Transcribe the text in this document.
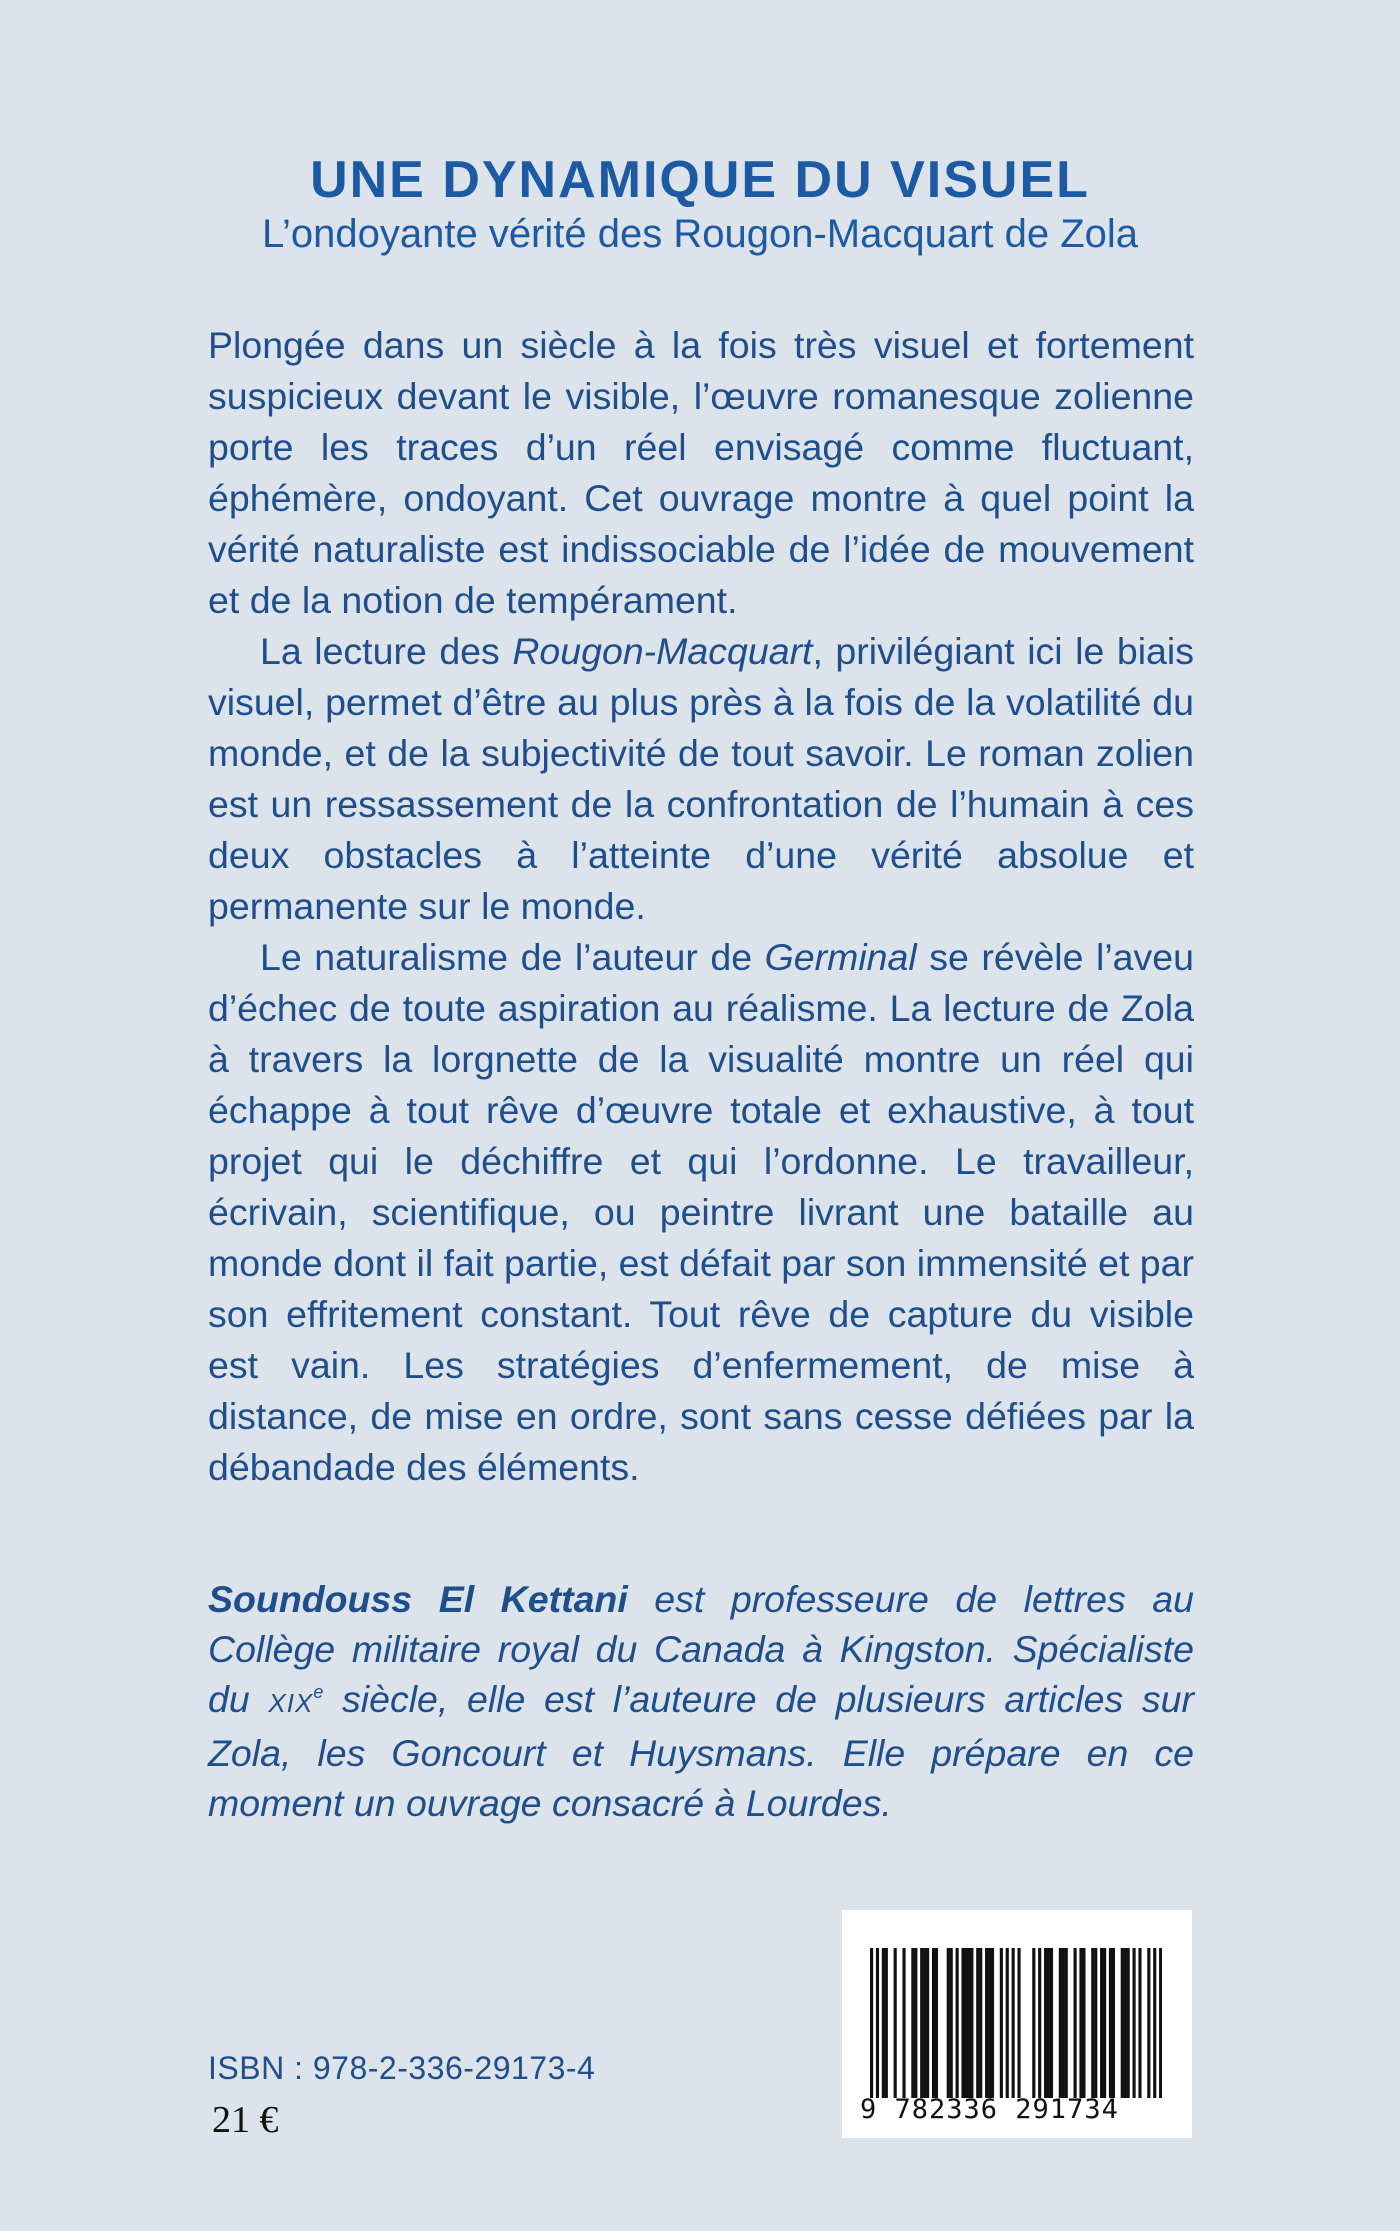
UNE DYNAMIQUE DU VISUEL
L’ondoyante vérité des Rougon-Macquart de Zola

Plongée dans un siècle à la fois très visuel et fortement suspicieux devant le visible, l’œuvre romanesque zolienne porte les traces d’un réel envisagé comme fluctuant, éphémère, ondoyant. Cet ouvrage montre à quel point la vérité naturaliste est indissociable de l’idée de mouvement et de la notion de tempérament.

La lecture des Rougon-Macquart, privilégiant ici le biais visuel, permet d’être au plus près à la fois de la volatilité du monde, et de la subjectivité de tout savoir. Le roman zolien est un ressassement de la confrontation de l’humain à ces deux obstacles à l’atteinte d’une vérité absolue et permanente sur le monde.

Le naturalisme de l’auteur de Germinal se révèle l’aveu d’échec de toute aspiration au réalisme. La lecture de Zola à travers la lorgnette de la visualité montre un réel qui échappe à tout rêve d’œuvre totale et exhaustive, à tout projet qui le déchiffre et qui l’ordonne. Le travailleur, écrivain, scientifique, ou peintre livrant une bataille au monde dont il fait partie, est défait par son immensité et par son effritement constant. Tout rêve de capture du visible est vain. Les stratégies d’enfermement, de mise à distance, de mise en ordre, sont sans cesse défiées par la débandade des éléments.

Soundouss El Kettani est professeure de lettres au Collège militaire royal du Canada à Kingston. Spécialiste du XIXe siècle, elle est l’auteure de plusieurs articles sur Zola, les Goncourt et Huysmans. Elle prépare en ce moment un ouvrage consacré à Lourdes.
ISBN : 978-2-336-29173-4
21 €	9 782336 291734
